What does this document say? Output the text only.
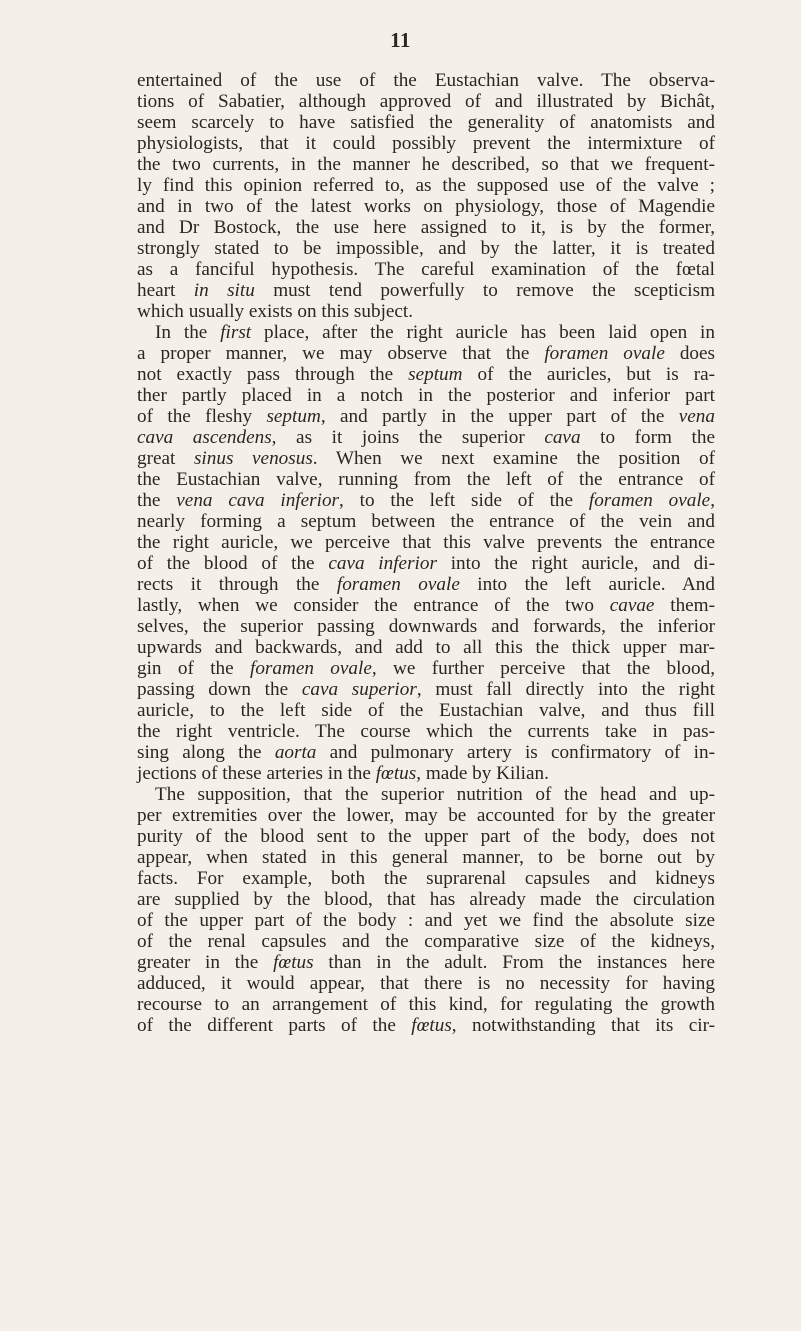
11
entertained of the use of the Eustachian valve. The observa-
tions of Sabatier, although approved of and illustrated by Bichât,
seem scarcely to have satisfied the generality of anatomists and
physiologists, that it could possibly prevent the intermixture of
the two currents, in the manner he described, so that we frequent-
ly find this opinion referred to, as the supposed use of the valve ;
and in two of the latest works on physiology, those of Magendie
and Dr Bostock, the use here assigned to it, is by the former,
strongly stated to be impossible, and by the latter, it is treated
as a fanciful hypothesis. The careful examination of the fœtal
heart in situ must tend powerfully to remove the scepticism
which usually exists on this subject.
In the first place, after the right auricle has been laid open in
a proper manner, we may observe that the foramen ovale does
not exactly pass through the septum of the auricles, but is ra-
ther partly placed in a notch in the posterior and inferior part
of the fleshy septum, and partly in the upper part of the vena
cava ascendens, as it joins the superior cava to form the
great sinus venosus. When we next examine the position of
the Eustachian valve, running from the left of the entrance of
the vena cava inferior, to the left side of the foramen ovale,
nearly forming a septum between the entrance of the vein and
the right auricle, we perceive that this valve prevents the entrance
of the blood of the cava inferior into the right auricle, and di-
rects it through the foramen ovale into the left auricle. And
lastly, when we consider the entrance of the two cavae them-
selves, the superior passing downwards and forwards, the inferior
upwards and backwards, and add to all this the thick upper mar-
gin of the foramen ovale, we further perceive that the blood,
passing down the cava superior, must fall directly into the right
auricle, to the left side of the Eustachian valve, and thus fill
the right ventricle. The course which the currents take in pas-
sing along the aorta and pulmonary artery is confirmatory of in-
jections of these arteries in the fœtus, made by Kilian.
The supposition, that the superior nutrition of the head and up-
per extremities over the lower, may be accounted for by the greater
purity of the blood sent to the upper part of the body, does not
appear, when stated in this general manner, to be borne out by
facts. For example, both the suprarenal capsules and kidneys
are supplied by the blood, that has already made the circulation
of the upper part of the body : and yet we find the absolute size
of the renal capsules and the comparative size of the kidneys,
greater in the fœtus than in the adult. From the instances here
adduced, it would appear, that there is no necessity for having
recourse to an arrangement of this kind, for regulating the growth
of the different parts of the fœtus, notwithstanding that its cir-
